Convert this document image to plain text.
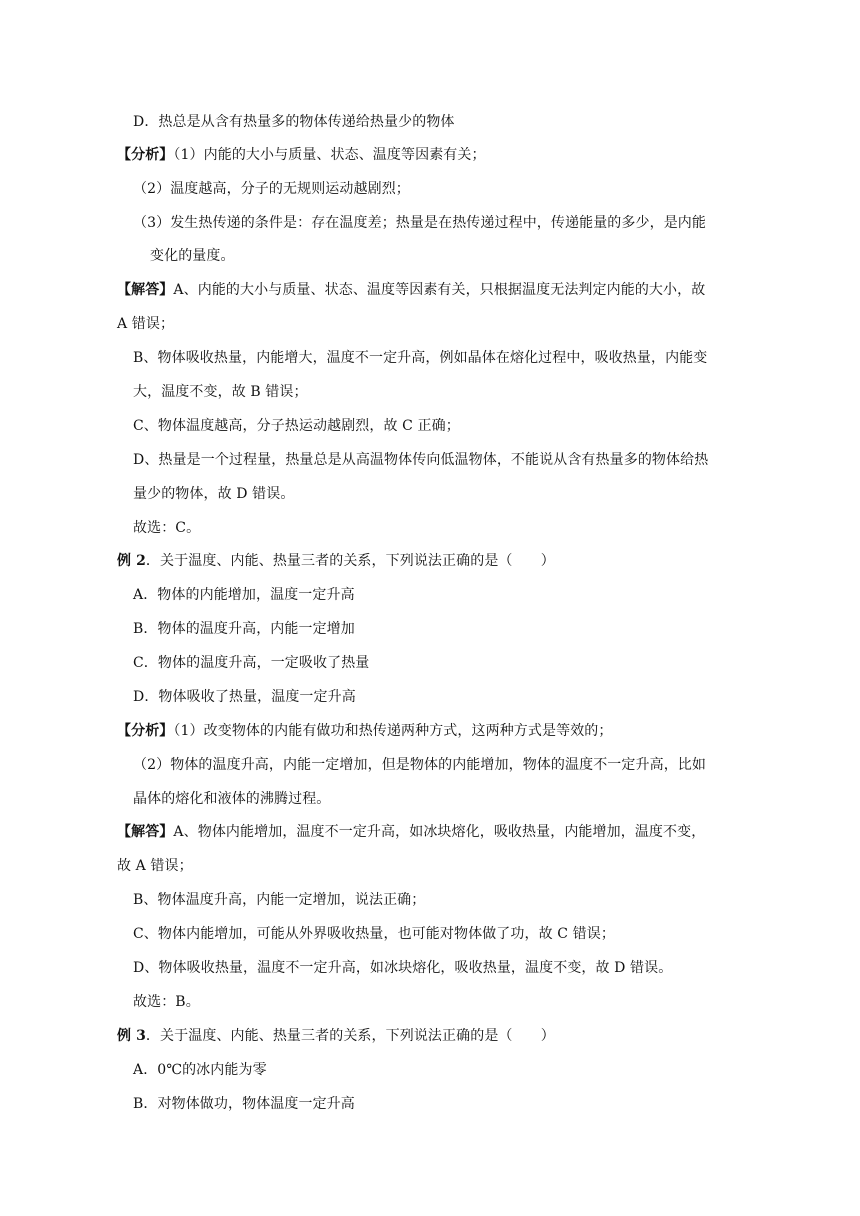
D．热总是从含有热量多的物体传递给热量少的物体
【分析】（1）内能的大小与质量、状态、温度等因素有关；
（2）温度越高，分子的无规则运动越剧烈；
（3）发生热传递的条件是：存在温度差；热量是在热传递过程中，传递能量的多少，是内能
变化的量度。
【解答】A、内能的大小与质量、状态、温度等因素有关，只根据温度无法判定内能的大小，故
A 错误；
B、物体吸收热量，内能增大，温度不一定升高，例如晶体在熔化过程中，吸收热量，内能变
大，温度不变，故 B 错误；
C、物体温度越高，分子热运动越剧烈，故 C 正确；
D、热量是一个过程量，热量总是从高温物体传向低温物体，不能说从含有热量多的物体给热
量少的物体，故 D 错误。
故选：C。
例 2．关于温度、内能、热量三者的关系，下列说法正确的是（　　）
A．物体的内能增加，温度一定升高
B．物体的温度升高，内能一定增加
C．物体的温度升高，一定吸收了热量
D．物体吸收了热量，温度一定升高
【分析】（1）改变物体的内能有做功和热传递两种方式，这两种方式是等效的；
（2）物体的温度升高，内能一定增加，但是物体的内能增加，物体的温度不一定升高，比如
晶体的熔化和液体的沸腾过程。
【解答】A、物体内能增加，温度不一定升高，如冰块熔化，吸收热量，内能增加，温度不变，
故 A 错误；
B、物体温度升高，内能一定增加，说法正确；
C、物体内能增加，可能从外界吸收热量，也可能对物体做了功，故 C 错误；
D、物体吸收热量，温度不一定升高，如冰块熔化，吸收热量，温度不变，故 D 错误。
故选：B。
例 3．关于温度、内能、热量三者的关系，下列说法正确的是（　　）
A．0℃的冰内能为零
B．对物体做功，物体温度一定升高
